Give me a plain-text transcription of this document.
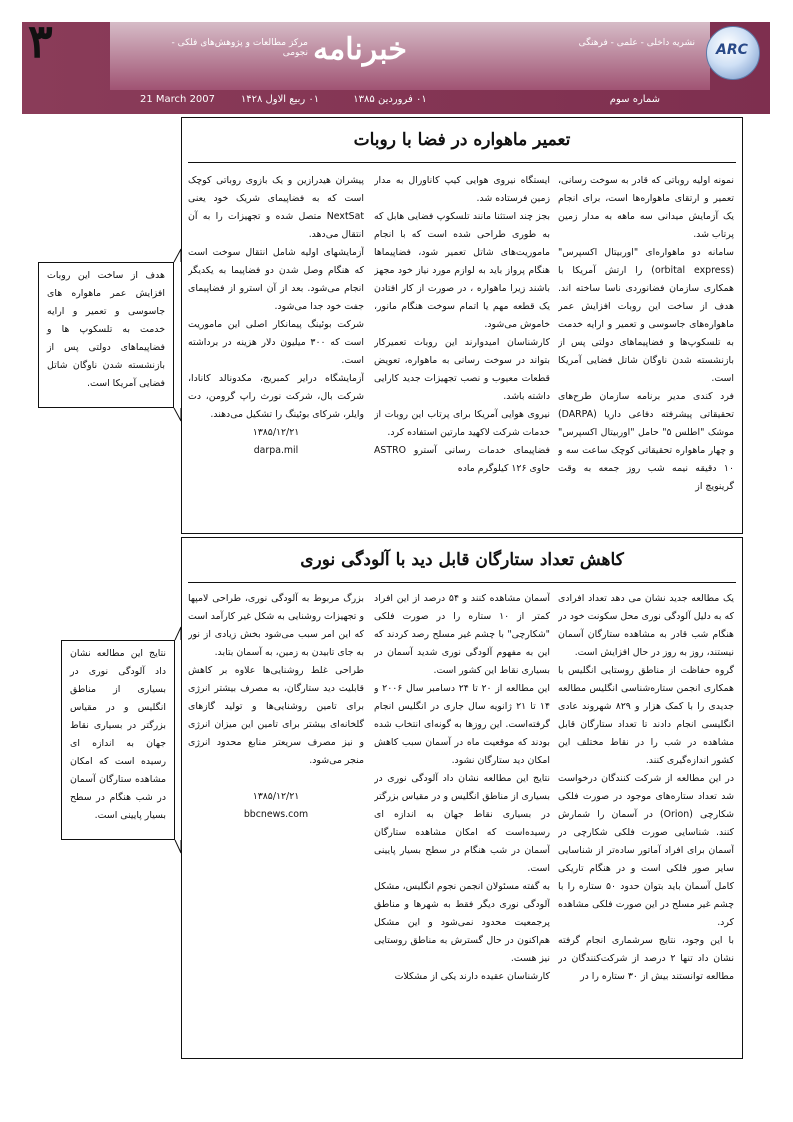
۳	ARC
نشریه داخلی - علمی - فرهنگی
خبرنامه
مرکز مطالعات و پژوهش‌های فلکی - نجومی
شماره سوم
۰۱ فروردین ۱۳۸۵
۰۱ ربیع الاول ۱۴۲۸
21 March 2007
تعمیر ماهواره در فضا با روبات

نمونه اولیه روباتی که قادر به سوخت رسانی، تعمیر و ارتقای ماهواره‌ها است، برای انجام یک آزمایش میدانی سه ماهه به مدار زمین پرتاب شد.

سامانه دو ماهواره‌ای "اوربیتال اکسپرس" (orbital express) را ارتش آمریکا با همکاری سازمان فضانوردی ناسا ساخته اند. هدف از ساخت این روبات افزایش عمر ماهواره‌های جاسوسی و تعمیر و ارایه خدمت به تلسکوپ‌ها و فضاپیماهای دولتی پس از بازنشسته شدن ناوگان شاتل فضایی آمریکا است.

فرد کندی مدیر برنامه سازمان طرح‌های تحقیقاتی پیشرفته دفاعی داریا (DARPA) موشک "اطلس ۵" حامل "اوربیتال اکسپرس" و چهار ماهواره تحقیقاتی کوچک ساعت سه و ۱۰ دقیقه نیمه شب روز جمعه به وقت گرینویچ از

ایستگاه نیروی هوایی کیپ کاناورال به مدار زمین فرستاده شد.

بجز چند استثنا مانند تلسکوپ فضایی هابل که به طوری طراحی شده است که با انجام ماموریت‌های شاتل تعمیر شود، فضاپیماها هنگام پرواز باید به لوازم مورد نیاز خود مجهز باشند زیرا ماهواره ، در صورت از کار افتادن یک قطعه مهم یا اتمام سوخت هنگام مانور، خاموش می‌شود.

کارشناسان امیدوارند این روبات تعمیرکار بتواند در سوخت رسانی به ماهواره، تعویض قطعات معیوب و نصب تجهیزات جدید کارایی داشته باشد.

نیروی هوایی آمریکا برای پرتاب این روبات از خدمات شرکت لاکهید مارتین استفاده کرد.

فضاپیمای خدمات رسانی آسترو ASTRO حاوی ۱۲۶ کیلوگرم ماده

پیشران هیدرازین و یک بازوی روباتی کوچک است که به فضاپیمای شریک خود یعنی NextSat متصل شده و تجهیزات را به آن انتقال می‌دهد.

آزمایشهای اولیه شامل انتقال سوخت است که هنگام وصل شدن دو فضاپیما به یکدیگر انجام می‌شود. بعد از آن استرو از فضاپیمای جفت خود جدا می‌شود.

شرکت بوئینگ پیمانکار اصلی این ماموریت است که ۳۰۰ میلیون دلار هزینه در برداشته است.

آزمایشگاه درایر کمبریج، مکدونالد کانادا، شرکت بال، شرکت نورث راپ گرومن، دت وایلر، شرکای بوئینگ را تشکیل می‌دهند.

۱۳۸۵/۱۲/۲۱

darpa.mil

هدف از ساخت این روبات افزایش عمر ماهواره های جاسوسی و تعمیر و ارایه خدمت به تلسکوپ ها و فضاپیماهای دولتی پس از بازنشسته شدن ناوگان شاتل فضایی آمریکا است.
کاهش تعداد ستارگان قابل دید با آلودگی نوری

یک مطالعه جدید نشان می دهد تعداد افرادی که به دلیل آلودگی نوری محل سکونت خود در هنگام شب قادر به مشاهده ستارگان آسمان نیستند، روز به روز در حال افزایش است.

گروه حفاظت از مناطق روستایی انگلیس با همکاری انجمن ستاره‌شناسی انگلیس مطالعه جدیدی را با کمک هزار و ۸۲۹ شهروند عادی انگلیسی انجام دادند تا تعداد ستارگان قابل مشاهده در شب را در نقاط مختلف این کشور اندازه‌گیری کنند.

در این مطالعه از شرکت کنندگان درخواست شد تعداد ستاره‌های موجود در صورت فلکی شکارچی (Orion) در آسمان را شمارش کنند. شناسایی صورت فلکی شکارچی در آسمان برای افراد آماتور ساده‌تر از شناسایی سایر صور فلکی است و در هنگام تاریکی کامل آسمان باید بتوان حدود ۵۰ ستاره را با چشم غیر مسلح در این صورت فلکی مشاهده کرد.

با این وجود، نتایج سرشماری انجام گرفته نشان داد تنها ۲ درصد از شرکت‌کنندگان در مطالعه توانستند بیش از ۳۰ ستاره را در

آسمان مشاهده کنند و ۵۴ درصد از این افراد کمتر از ۱۰ ستاره را در صورت فلکی "شکارچی" با چشم غیر مسلح رصد کردند که این به مفهوم آلودگی نوری شدید آسمان در بسیاری نقاط این کشور است.

این مطالعه از ۲۰ تا ۲۴ دسامبر سال ۲۰۰۶ و ۱۴ تا ۲۱ ژانویه سال جاری در انگلیس انجام گرفته‌است. این روزها به گونه‌ای انتخاب شده بودند که موقعیت ماه در آسمان سبب کاهش امکان دید ستارگان نشود.

نتایج این مطالعه نشان داد آلودگی نوری در بسیاری از مناطق انگلیس و در مقیاس بزرگتر در بسیاری نقاط جهان به اندازه ای رسیده‌است که امکان مشاهده ستارگان آسمان در شب هنگام در سطح بسیار پایینی است.

به گفته مسئولان انجمن نجوم انگلیس، مشکل آلودگی نوری دیگر فقط به شهرها و مناطق پرجمعیت محدود نمی‌شود و این مشکل هم‌اکنون در حال گسترش به مناطق روستایی نیز هست.

کارشناسان عقیده دارند یکی از مشکلات

بزرگ مربوط به آلودگی نوری، طراحی لامپها و تجهیزات روشنایی به شکل غیر کارآمد است که این امر سبب می‌شود بخش زیادی از نور به جای تابیدن به زمین، به آسمان بتابد.

طراحی غلط روشنایی‌ها علاوه بر کاهش قابلیت دید ستارگان، به مصرف بیشتر انرژی برای تامین روشنایی‌ها و تولید گازهای گلخانه‌ای بیشتر برای تامین این میزان انرژی و نیز مصرف سریعتر منابع محدود انرژی منجر می‌شود.

۱۳۸۵/۱۲/۲۱

bbcnews.com

نتایج این مطالعه نشان داد آلودگی نوری در بسیاری از مناطق انگلیس و در مقیاس بزرگتر در بسیاری نقاط جهان به اندازه ای رسیده است که امکان مشاهده ستارگان آسمان در شب هنگام در سطح بسیار پایینی است.
